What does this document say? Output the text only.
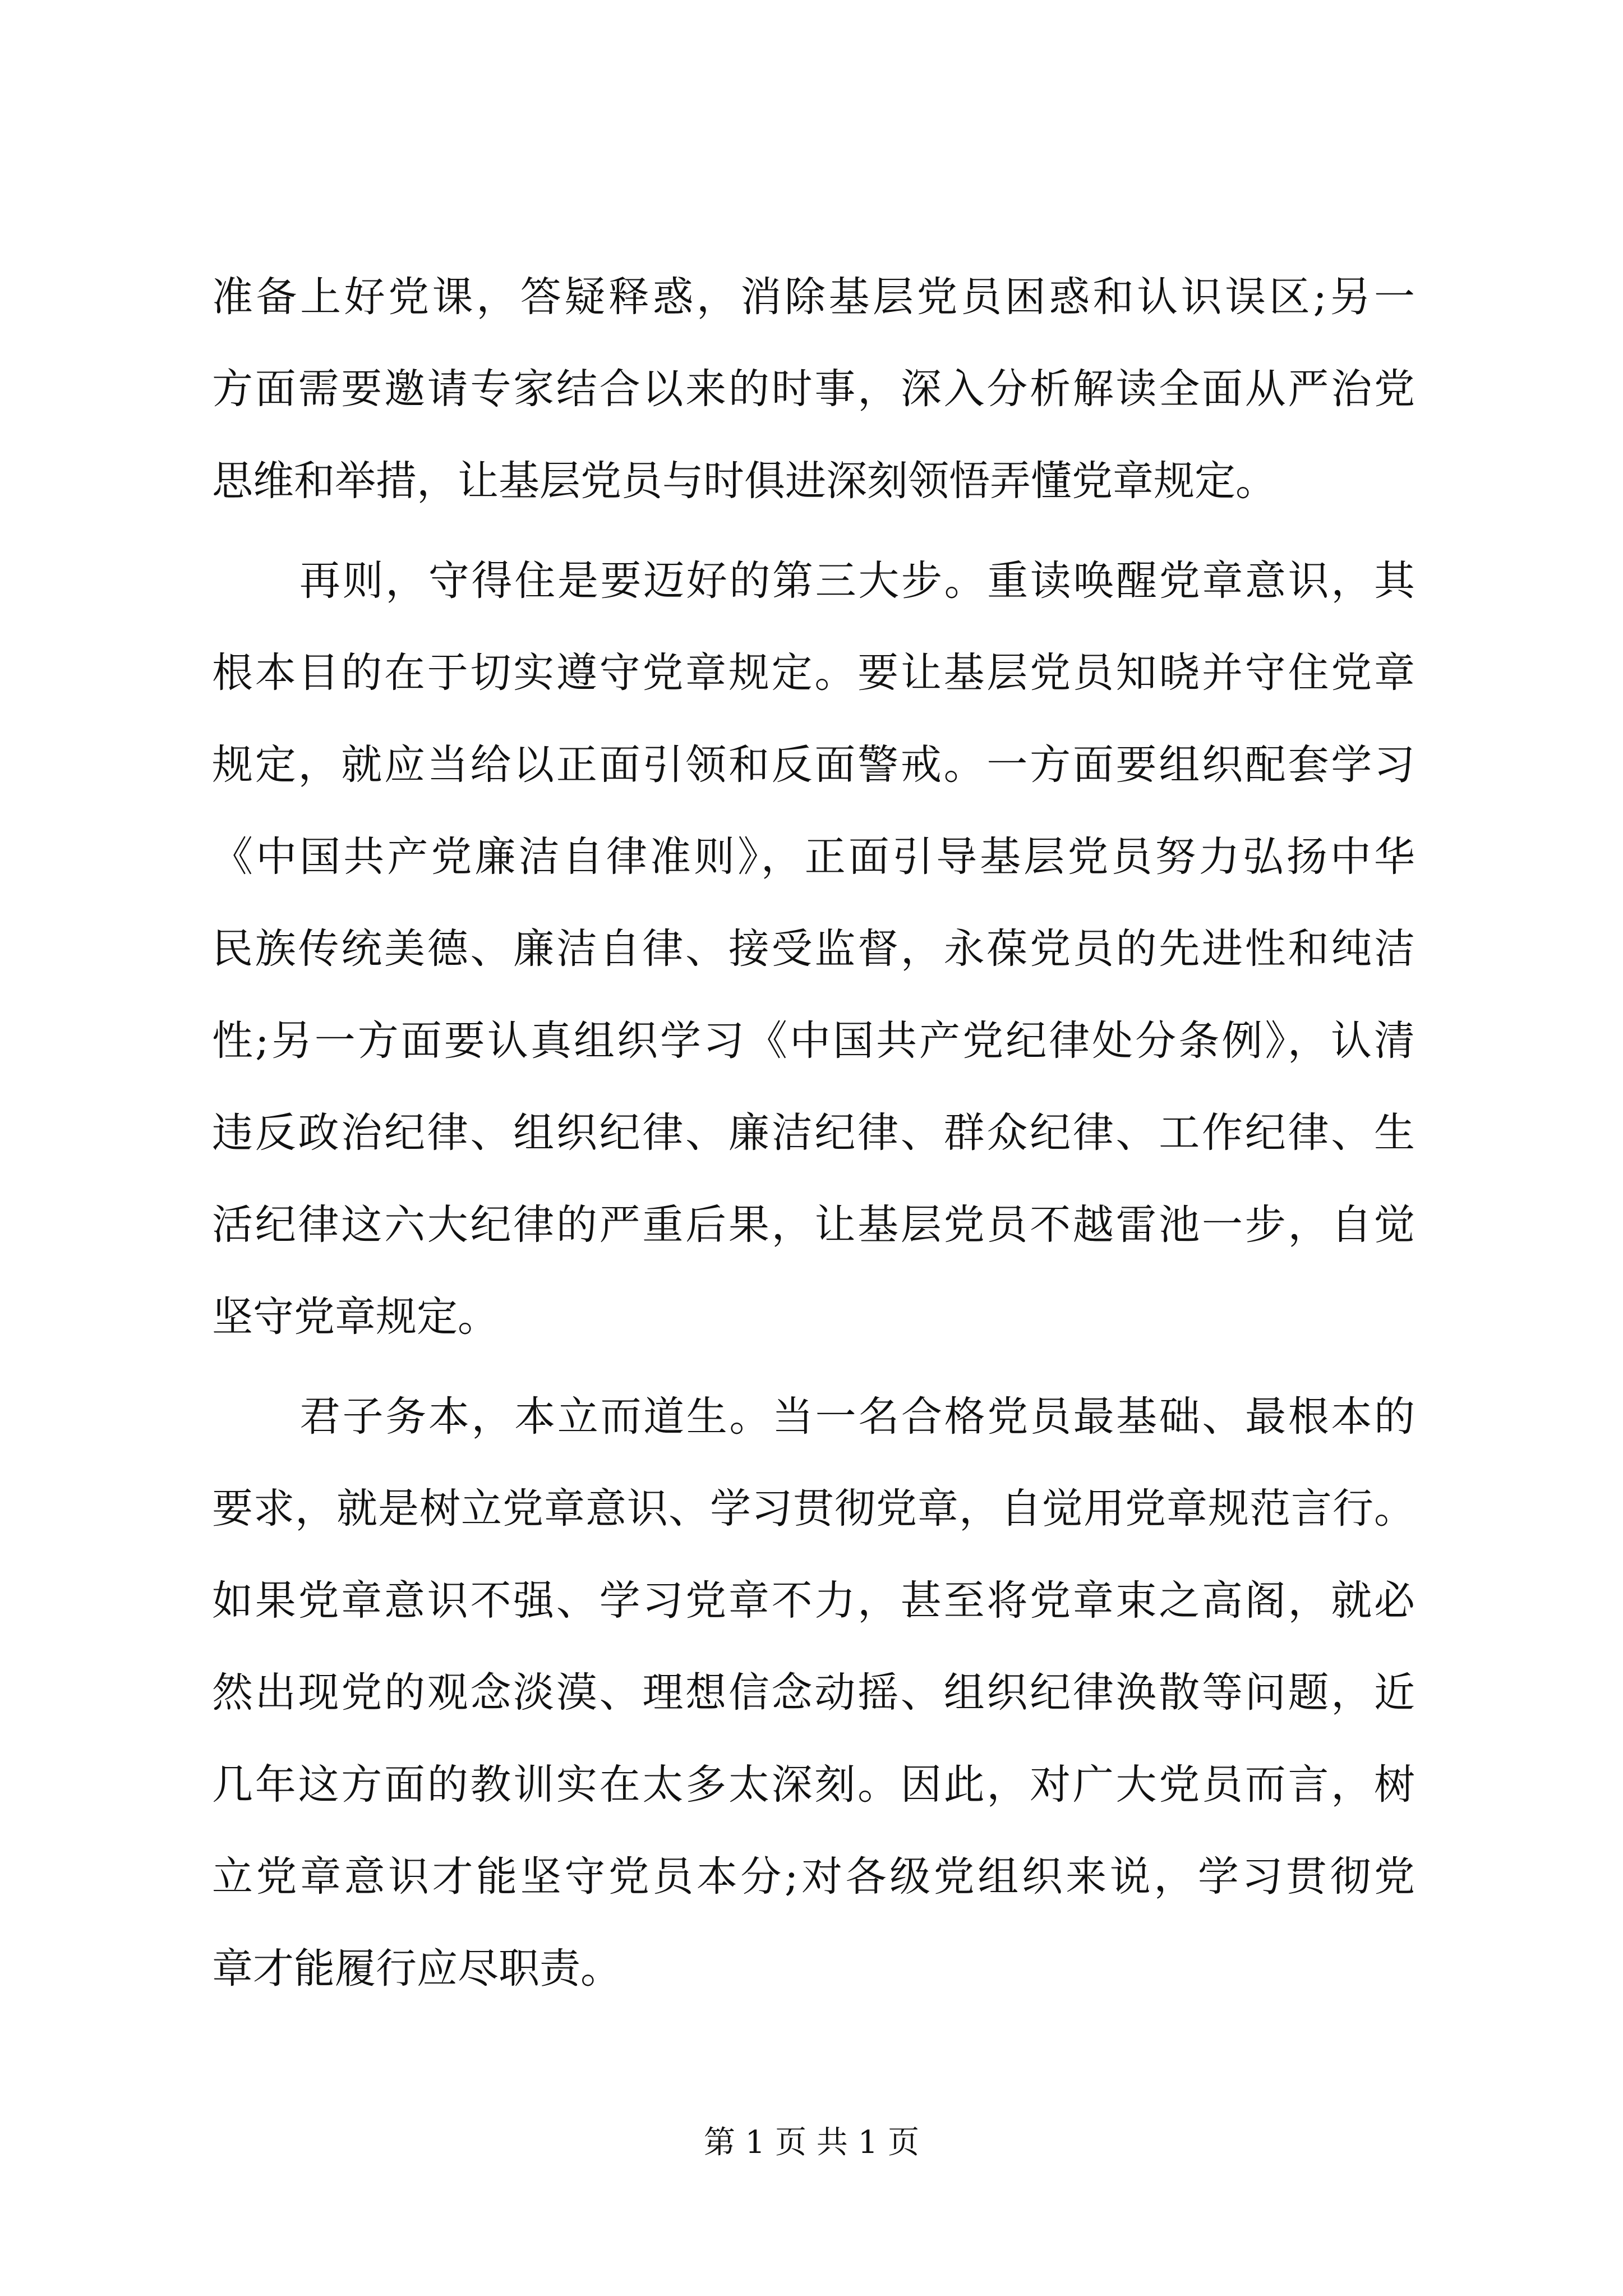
准备上好党课，答疑释惑，消除基层党员困惑和认识误区;另一
方面需要邀请专家结合以来的时事，深入分析解读全面从严治党
思维和举措，让基层党员与时俱进深刻领悟弄懂党章规定。
再则，守得住是要迈好的第三大步。重读唤醒党章意识，其
根本目的在于切实遵守党章规定。要让基层党员知晓并守住党章
规定，就应当给以正面引领和反面警戒。一方面要组织配套学习
《中国共产党廉洁自律准则》，正面引导基层党员努力弘扬中华
民族传统美德、廉洁自律、接受监督，永葆党员的先进性和纯洁
性;另一方面要认真组织学习《中国共产党纪律处分条例》，认清
违反政治纪律、组织纪律、廉洁纪律、群众纪律、工作纪律、生
活纪律这六大纪律的严重后果，让基层党员不越雷池一步，自觉
坚守党章规定。
君子务本，本立而道生。当一名合格党员最基础、最根本的
要求，就是树立党章意识、学习贯彻党章，自觉用党章规范言行。
如果党章意识不强、学习党章不力，甚至将党章束之高阁，就必
然出现党的观念淡漠、理想信念动摇、组织纪律涣散等问题，近
几年这方面的教训实在太多太深刻。因此，对广大党员而言，树
立党章意识才能坚守党员本分;对各级党组织来说，学习贯彻党
章才能履行应尽职责。
第 1 页 共 1 页
